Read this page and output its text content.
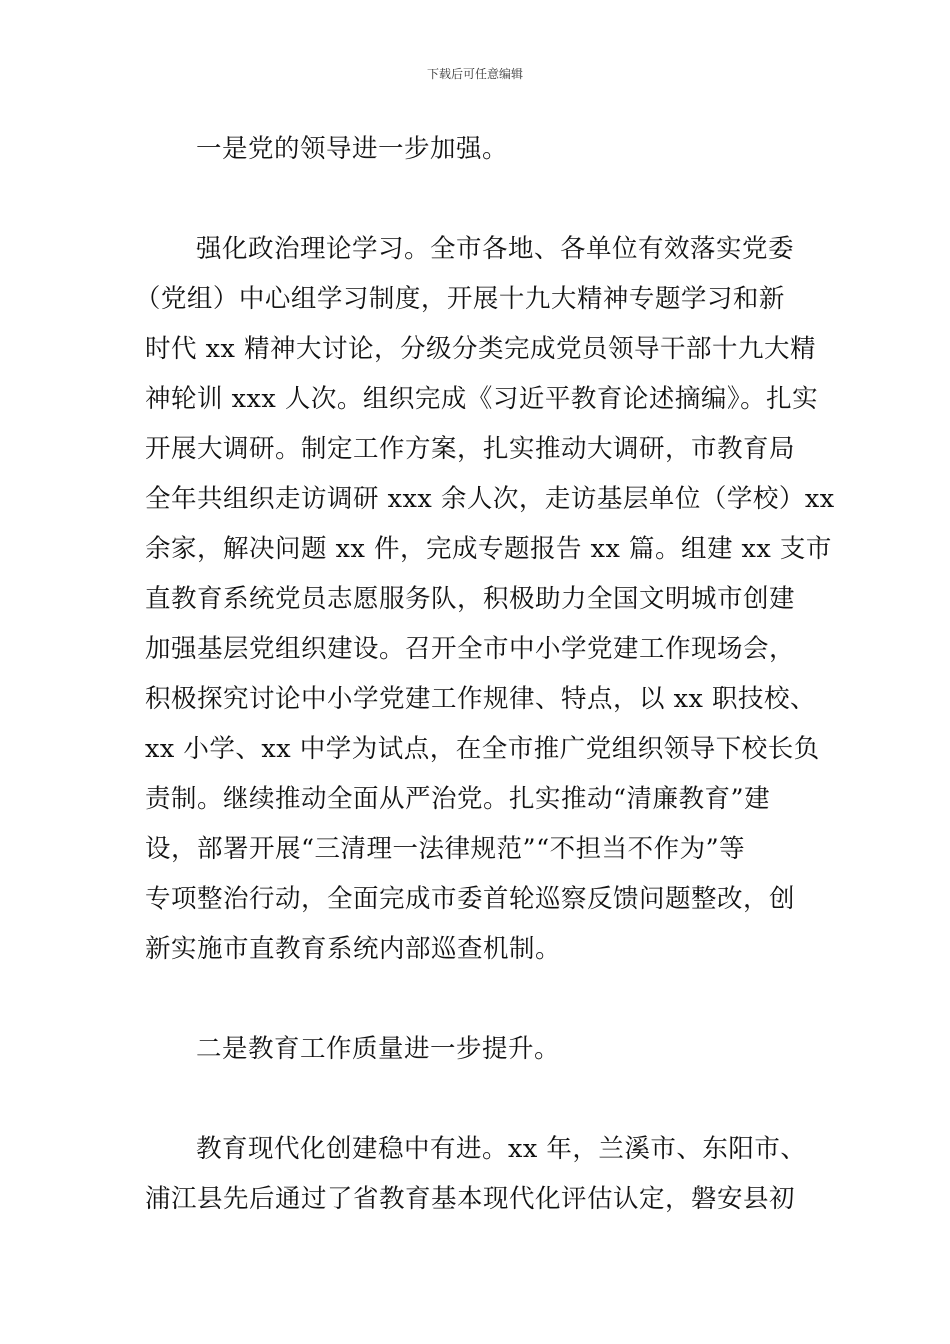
下载后可任意编辑

一是党的领导进一步加强。

强化政治理论学习。全市各地、各单位有效落实党委
（党组）中心组学习制度，开展十九大精神专题学习和新
时代 xx 精神大讨论，分级分类完成党员领导干部十九大精
神轮训 xxx 人次。组织完成《习近平教育论述摘编》。扎实
开展大调研。制定工作方案，扎实推动大调研，市教育局
全年共组织走访调研 xxx 余人次，走访基层单位（学校）xx
余家，解决问题 xx 件，完成专题报告 xx 篇。组建 xx 支市
直教育系统党员志愿服务队，积极助力全国文明城市创建
加强基层党组织建设。召开全市中小学党建工作现场会，
积极探究讨论中小学党建工作规律、特点，以 xx 职技校、
xx 小学、xx 中学为试点，在全市推广党组织领导下校长负
责制。继续推动全面从严治党。扎实推动“清廉教育”建
设，部署开展“三清理一法律规范”“不担当不作为”等
专项整治行动，全面完成市委首轮巡察反馈问题整改，创
新实施市直教育系统内部巡查机制。

二是教育工作质量进一步提升。

教育现代化创建稳中有进。xx 年，兰溪市、东阳市、
浦江县先后通过了省教育基本现代化评估认定，磐安县初
